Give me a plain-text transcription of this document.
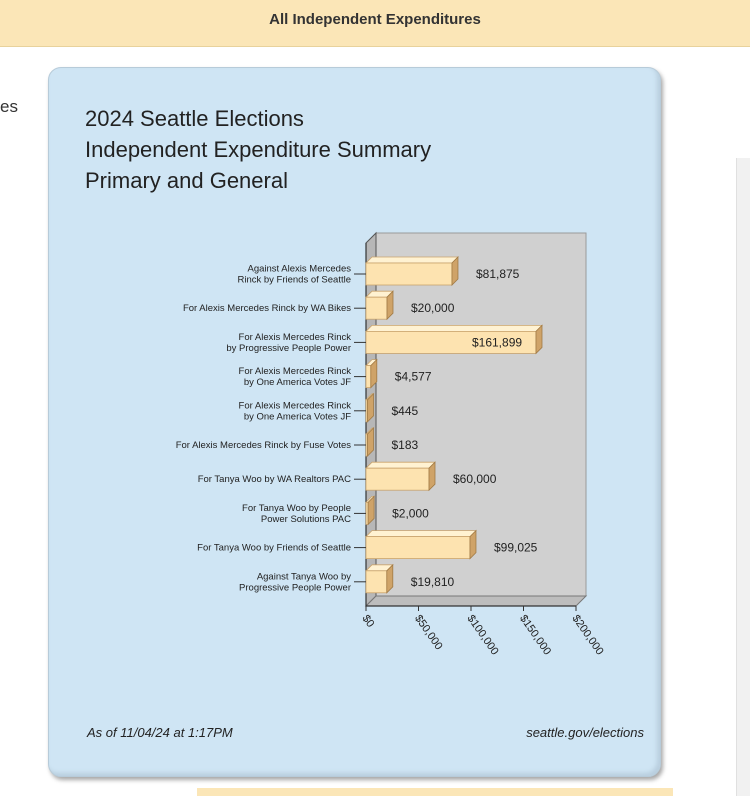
All Independent Expenditures
es	2024 Seattle Elections
Independent Expenditure Summary
Primary and General
As of 11/04/24 at 1:17PM	seattle.gov/elections
$0	$50,000 $100,000 $150,000 $200,000
$81,875
Against Alexis Mercedes
Rinck by Friends of Seattle
$20,000
For Alexis Mercedes Rinck by WA Bikes
$161,899
For Alexis Mercedes Rinck
by Progressive People Power
$4,577
For Alexis Mercedes Rinck
by One America Votes JF
$445
For Alexis Mercedes Rinck
by One America Votes JF
$183
For Alexis Mercedes Rinck by Fuse Votes
$60,000
For Tanya Woo by WA Realtors PAC
$2,000
For Tanya Woo by People
Power Solutions PAC
$99,025
For Tanya Woo by Friends of Seattle
$19,810
Against Tanya Woo by
Progressive People Power
